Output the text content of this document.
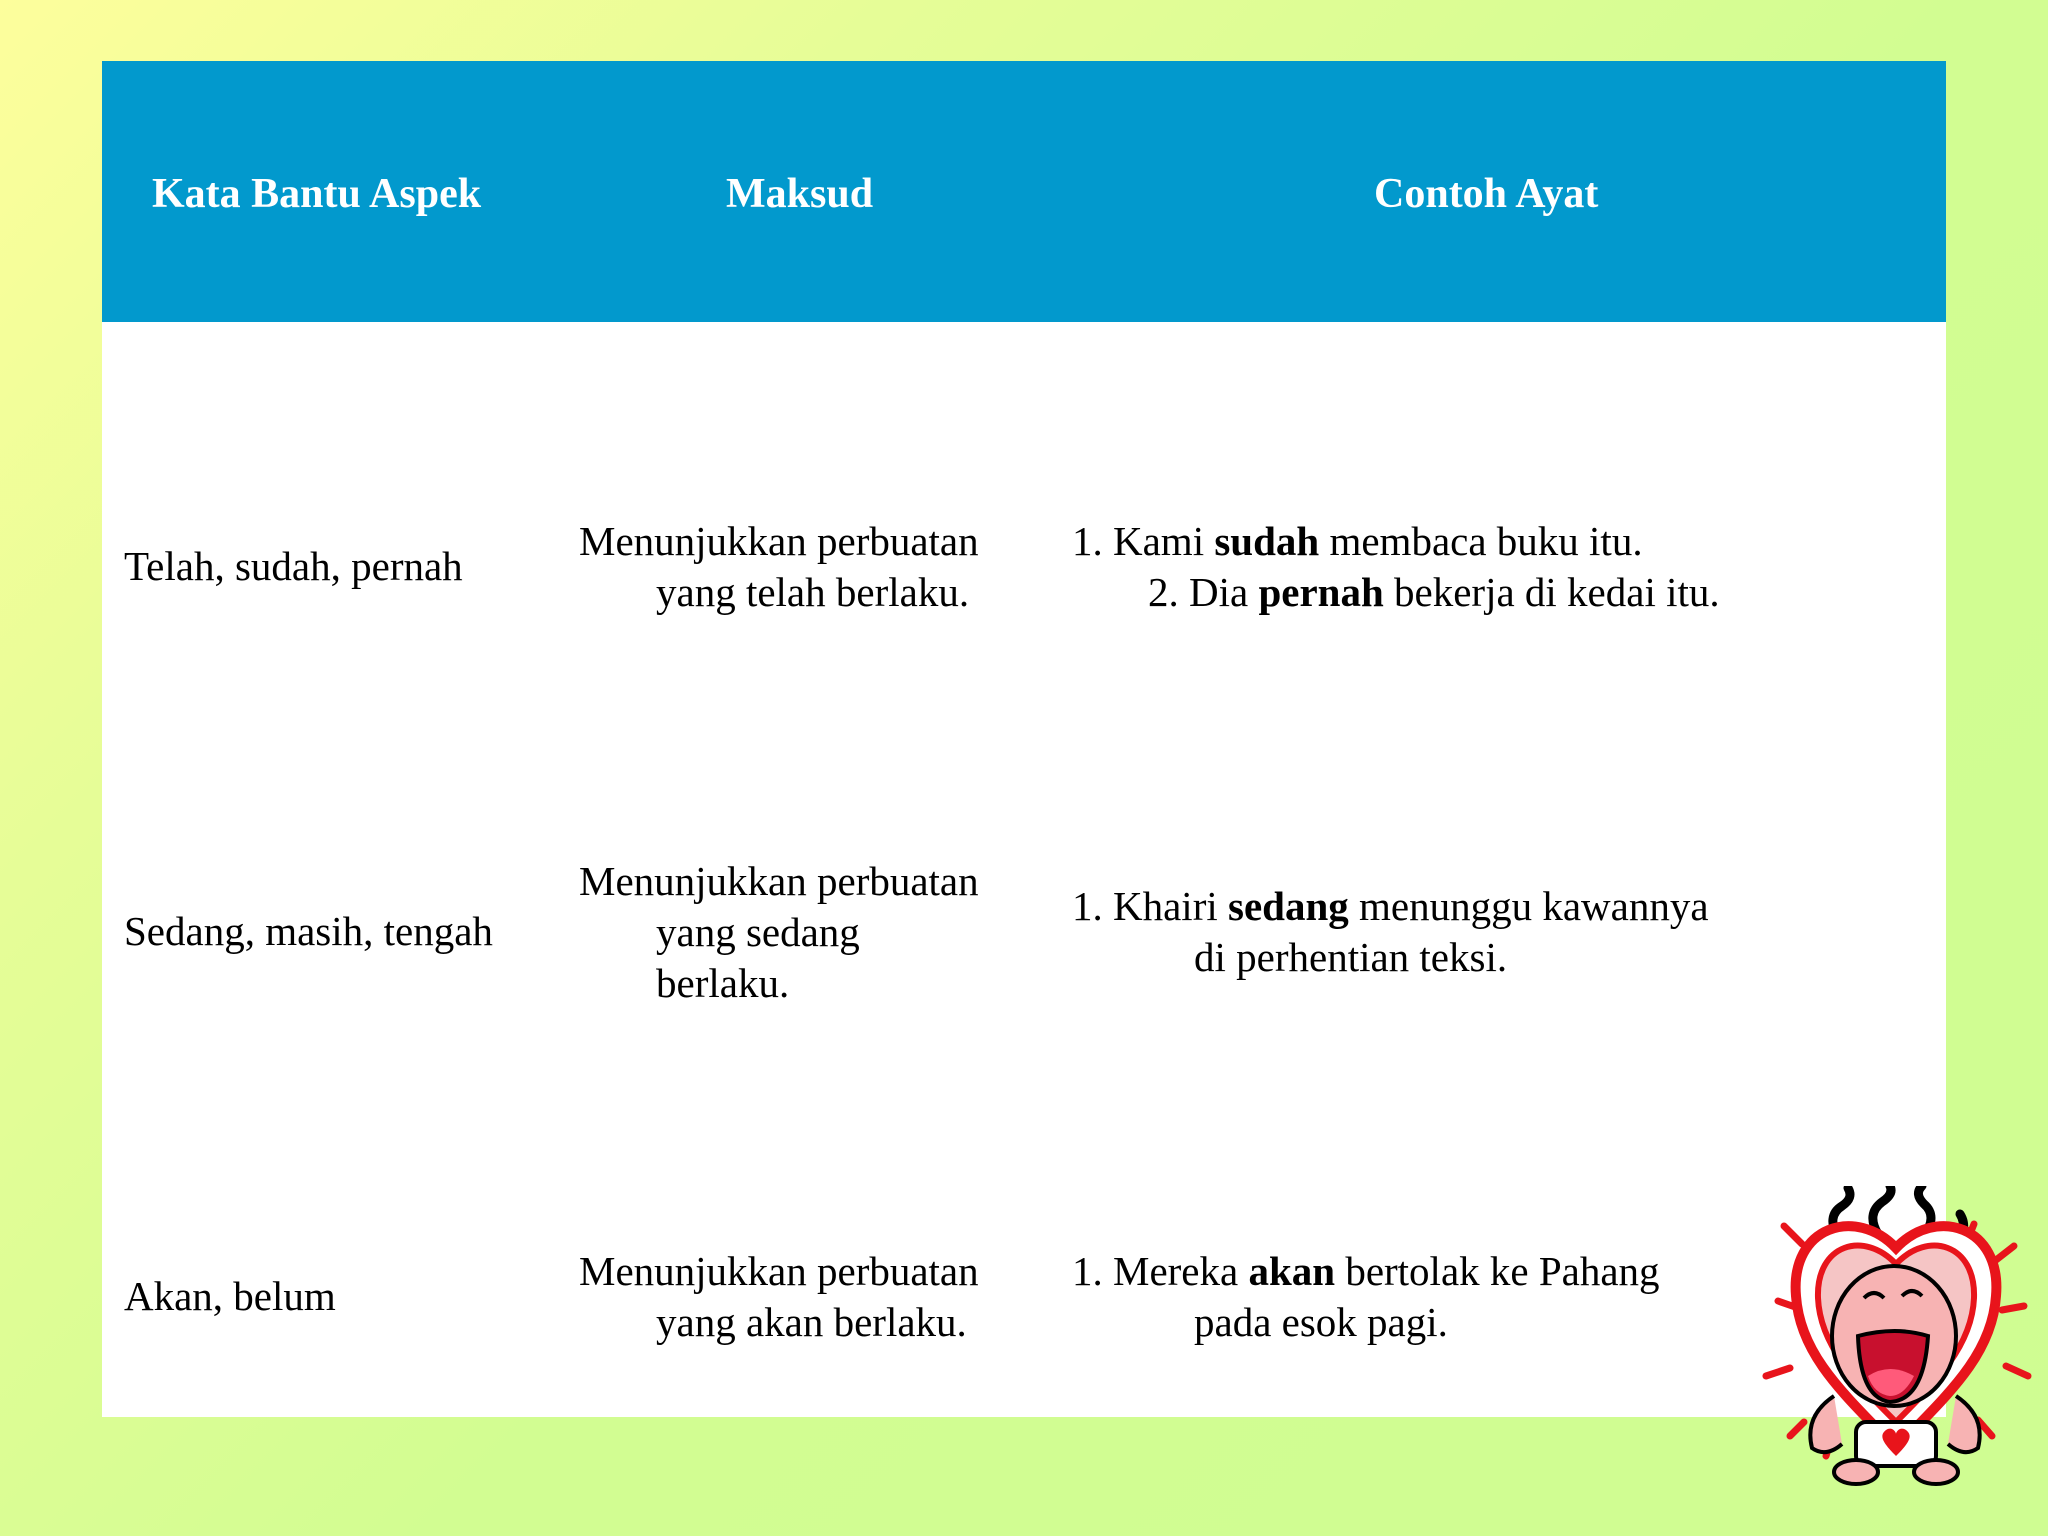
Kata Bantu Aspek	Maksud	Contoh Ayat
Telah, sudah, pernah
Menunjukkan perbuatan
yang telah berlaku.
1. Kami sudah membaca buku itu.
2. Dia pernah bekerja di kedai itu.
Sedang, masih, tengah
Menunjukkan perbuatan
yang sedang
berlaku.
1. Khairi sedang menunggu kawannya
di perhentian teksi.
Akan, belum
Menunjukkan perbuatan
yang akan berlaku.
1. Mereka akan bertolak ke Pahang
pada esok pagi.
